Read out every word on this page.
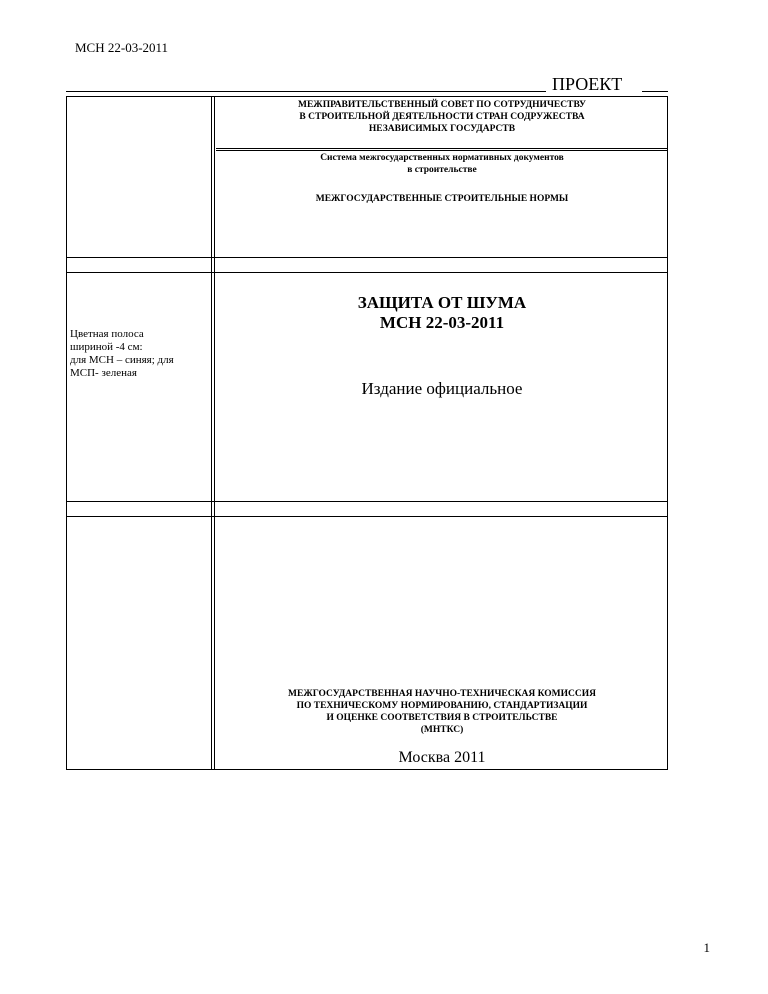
МСН 22-03-2011
ПРОЕКТ
МЕЖПРАВИТЕЛЬСТВЕННЫЙ СОВЕТ ПО СОТРУДНИЧЕСТВУ
В СТРОИТЕЛЬНОЙ ДЕЯТЕЛЬНОСТИ СТРАН СОДРУЖЕСТВА
НЕЗАВИСИМЫХ ГОСУДАРСТВ
Система межгосударственных нормативных документов
в строительстве
МЕЖГОСУДАРСТВЕННЫЕ СТРОИТЕЛЬНЫЕ НОРМЫ
ЗАЩИТА ОТ ШУМА
МСН 22-03-2011
Издание официальное
Цветная полоса
шириной -4 см:
для МСН – синяя; для
МСП- зеленая
МЕЖГОСУДАРСТВЕННАЯ НАУЧНО-ТЕХНИЧЕСКАЯ КОМИССИЯ
ПО ТЕХНИЧЕСКОМУ НОРМИРОВАНИЮ, СТАНДАРТИЗАЦИИ
И ОЦЕНКЕ СООТВЕТСТВИЯ В СТРОИТЕЛЬСТВЕ
(МНТКС)
Москва 2011
1
